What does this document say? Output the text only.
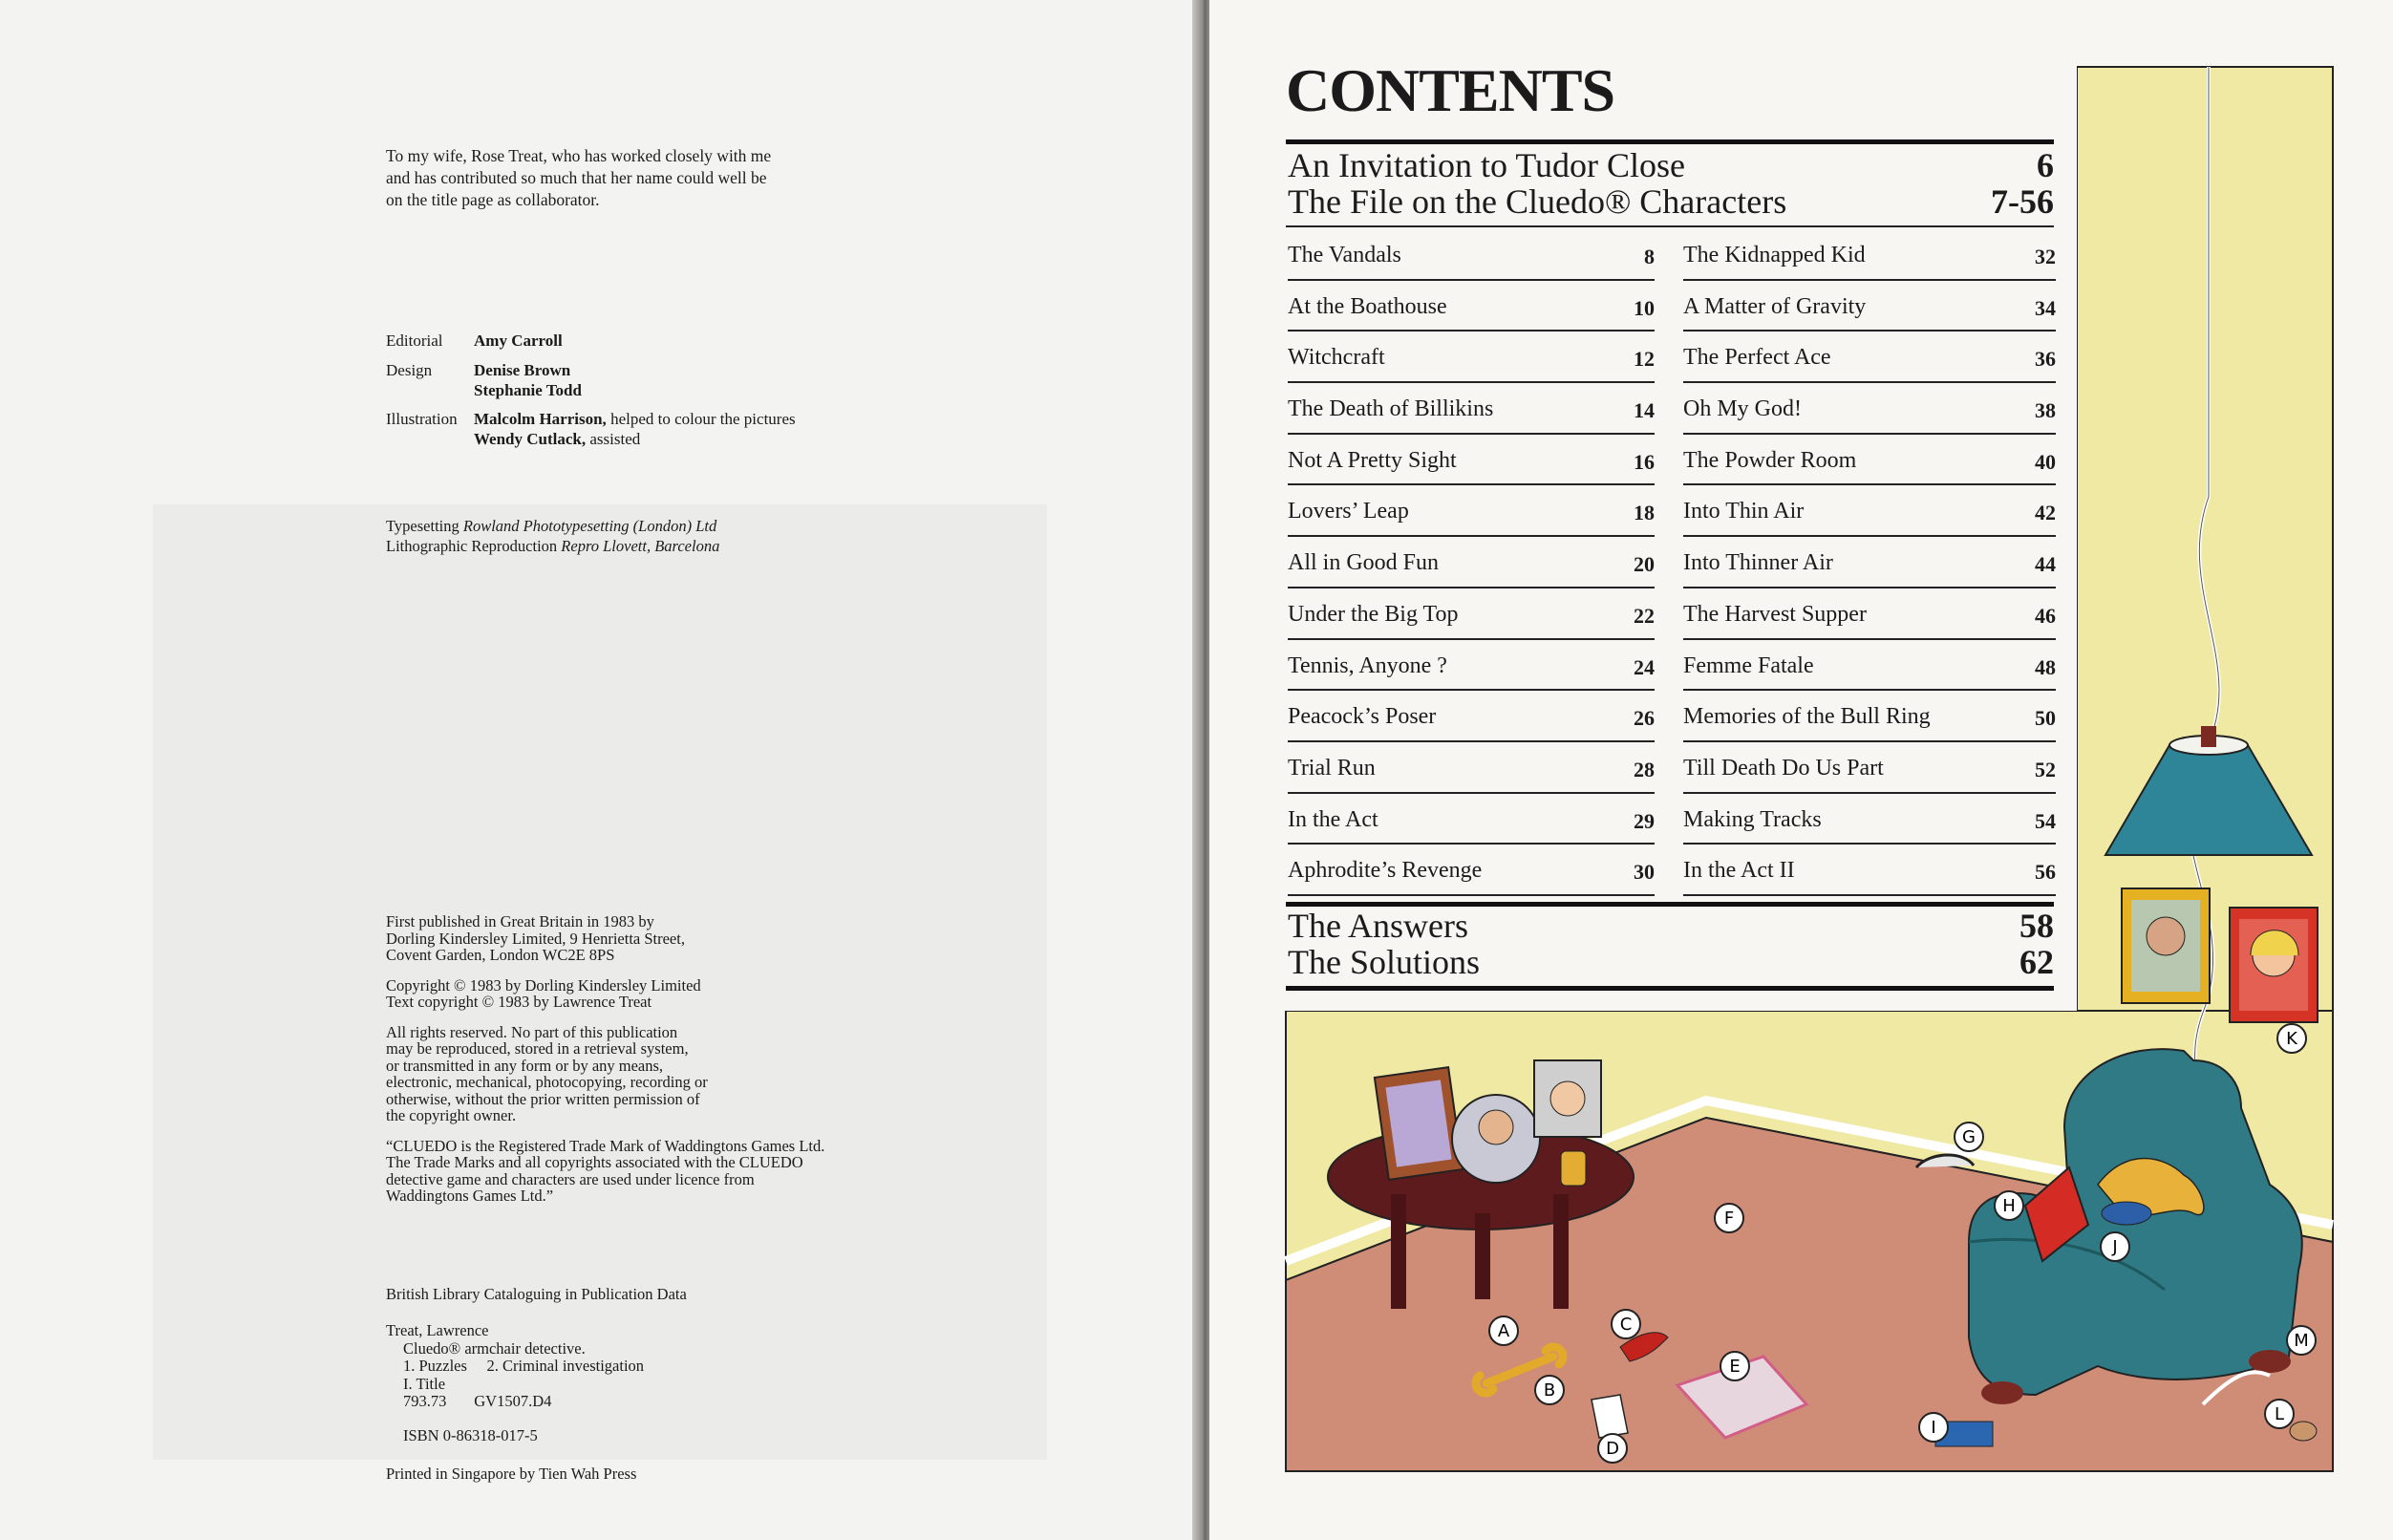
To my wife, Rose Treat, who has worked closely with me and has contributed so much that her name could well be on the title page as collaborator.
Editorial Amy Carroll
Design	Denise Brown
Stephanie Todd
Illustration Malcolm Harrison, helped to colour the pictures
Wendy Cutlack, assisted
Typesetting Rowland Phototypesetting (London) Ltd
Lithographic Reproduction Repro Llovett, Barcelona

First published in Great Britain in 1983 by
Dorling Kindersley Limited, 9 Henrietta Street,
Covent Garden, London WC2E 8PS

Copyright © 1983 by Dorling Kindersley Limited
Text copyright © 1983 by Lawrence Treat

All rights reserved. No part of this publication
may be reproduced, stored in a retrieval system,
or transmitted in any form or by any means,
electronic, mechanical, photocopying, recording or
otherwise, without the prior written permission of
the copyright owner.

“CLUEDO is the Registered Trade Mark of Waddingtons Games Ltd.
The Trade Marks and all copyrights associated with the CLUEDO
detective game and characters are used under licence from
Waddingtons Games Ltd.”

British Library Cataloguing in Publication Data
Treat, Lawrence
Cluedo® armchair detective.
1. Puzzles     2. Criminal investigation
I. Title
793.73       GV1507.D4
ISBN 0-86318-017-5
Printed in Singapore by Tien Wah Press
A
B
C
D
E
F
G
H
I
J
K
L
M
CONTENTS
An Invitation to Tudor Close	6
The File on the Cluedo® Characters	7-56
The Vandals	8
At the Boathouse	10
Witchcraft	12
The Death of Billikins	14
Not A Pretty Sight	16
Lovers’ Leap	18
All in Good Fun	20
Under the Big Top	22
Tennis, Anyone ?	24
Peacock’s Poser	26
Trial Run	28
In the Act	29
Aphrodite’s Revenge	30
The Kidnapped Kid	32
A Matter of Gravity	34
The Perfect Ace	36
Oh My God!	38
The Powder Room	40
Into Thin Air	42
Into Thinner Air	44
The Harvest Supper	46
Femme Fatale	48
Memories of the Bull Ring	50
Till Death Do Us Part	52
Making Tracks	54
In the Act II	56
The Answers	58
The Solutions	62
